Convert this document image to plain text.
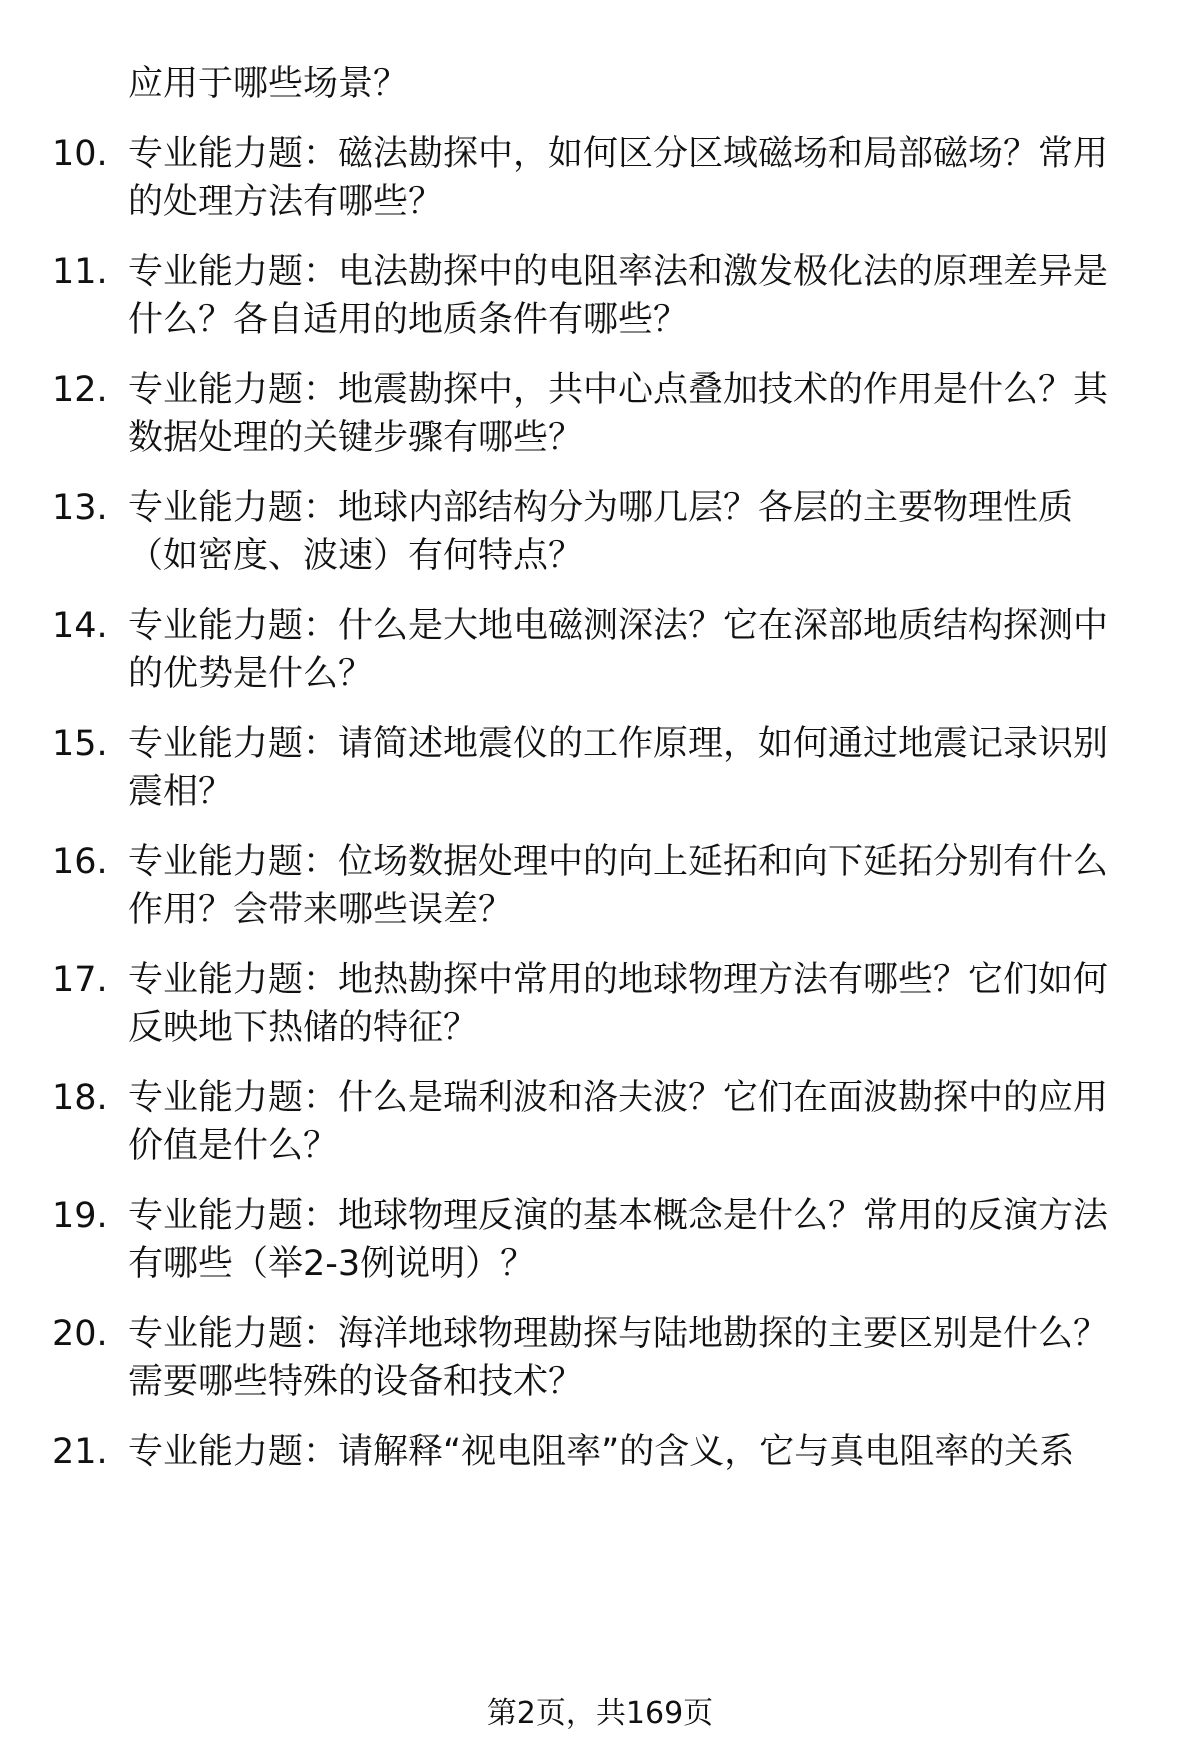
应用于哪些场景？
10. 专业能力题：磁法勘探中，如何区分区域磁场和局部磁场？常用的处理方法有哪些？
11. 专业能力题：电法勘探中的电阻率法和激发极化法的原理差异是什么？各自适用的地质条件有哪些？
12. 专业能力题：地震勘探中，共中心点叠加技术的作用是什么？其数据处理的关键步骤有哪些？
13. 专业能力题：地球内部结构分为哪几层？各层的主要物理性质（如密度、波速）有何特点？
14. 专业能力题：什么是大地电磁测深法？它在深部地质结构探测中的优势是什么？
15. 专业能力题：请简述地震仪的工作原理，如何通过地震记录识别震相？
16. 专业能力题：位场数据处理中的向上延拓和向下延拓分别有什么作用？会带来哪些误差？
17. 专业能力题：地热勘探中常用的地球物理方法有哪些？它们如何反映地下热储的特征？
18. 专业能力题：什么是瑞利波和洛夫波？它们在面波勘探中的应用价值是什么？
19. 专业能力题：地球物理反演的基本概念是什么？常用的反演方法有哪些（举2-3例说明）？
20. 专业能力题：海洋地球物理勘探与陆地勘探的主要区别是什么？需要哪些特殊的设备和技术？
21. 专业能力题：请解释“视电阻率”的含义，它与真电阻率的关系
第2页，共169页
